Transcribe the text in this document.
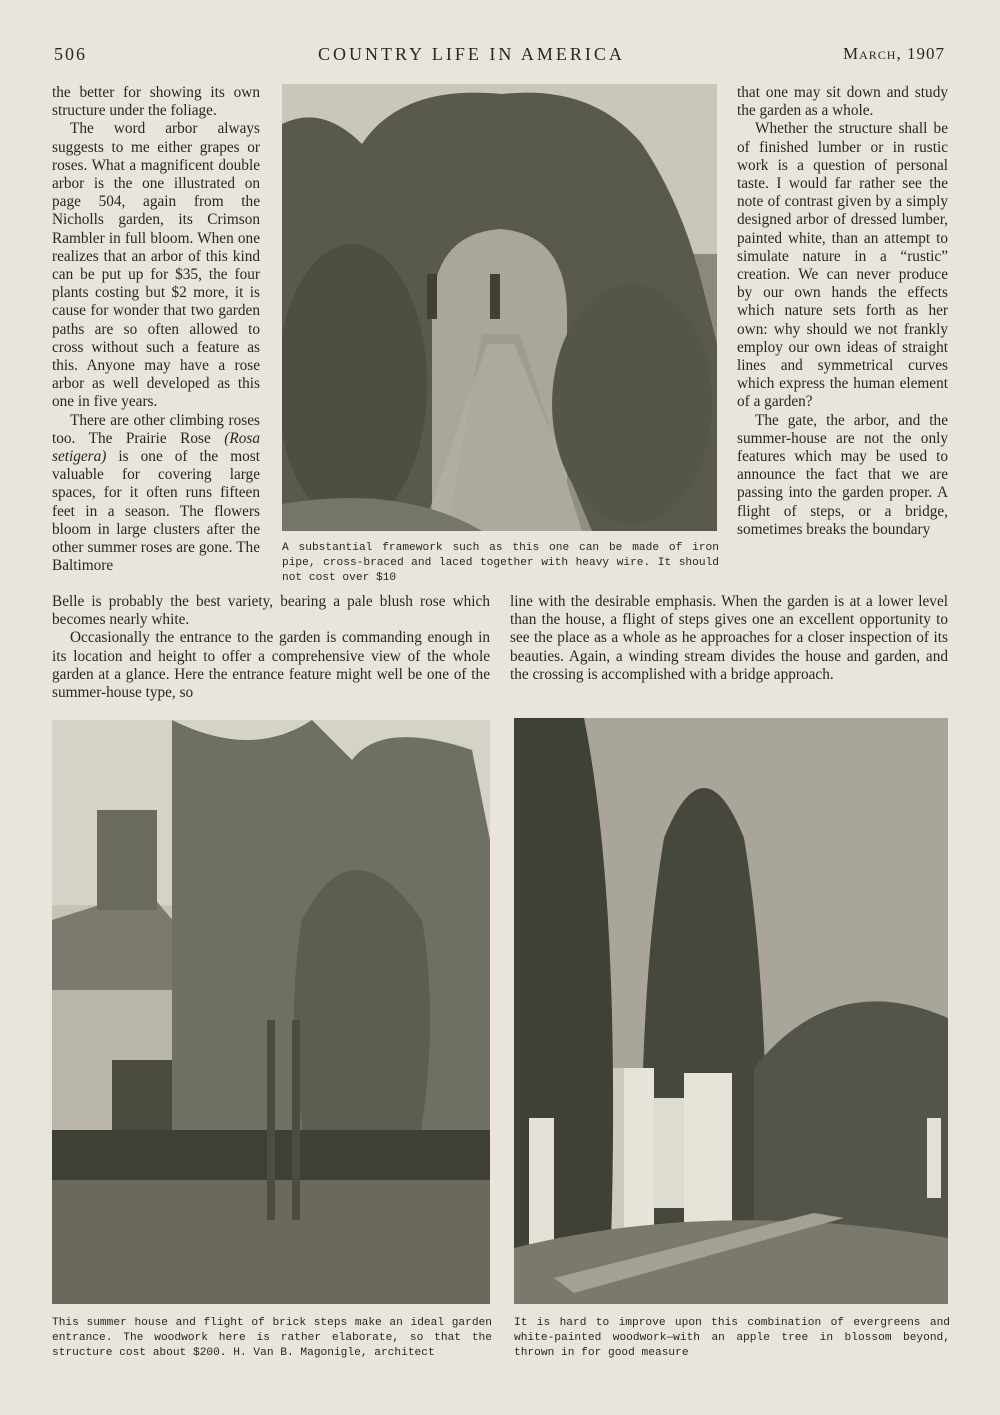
506	COUNTRY LIFE IN AMERICA	March, 1907

the better for showing its own structure under the foliage.

The word arbor always suggests to me either grapes or roses. What a magnificent double arbor is the one illustrated on page 504, again from the Nicholls garden, its Crimson Rambler in full bloom. When one realizes that an arbor of this kind can be put up for $35, the four plants costing but $2 more, it is cause for wonder that two garden paths are so often allowed to cross without such a feature as this. Anyone may have a rose arbor as well developed as this one in five years.

There are other climbing roses too. The Prairie Rose (Rosa setigera) is one of the most valuable for covering large spaces, for it often runs fifteen feet in a season. The flowers bloom in large clusters after the other summer roses are gone. The Baltimore

Belle is probably the best variety, bearing a pale blush rose which becomes nearly white.

Occasionally the entrance to the garden is commanding enough in its location and height to offer a comprehensive view of the whole garden at a glance. Here the entrance feature might well be one of the summer-house type, so

that one may sit down and study the garden as a whole.

Whether the structure shall be of finished lumber or in rustic work is a question of personal taste. I would far rather see the note of contrast given by a simply designed arbor of dressed lumber, painted white, than an attempt to simulate nature in a “rustic” creation. We can never produce by our own hands the effects which nature sets forth as her own: why should we not frankly employ our own ideas of straight lines and symmetrical curves which express the human element of a garden?

The gate, the arbor, and the summer-house are not the only features which may be used to announce the fact that we are passing into the garden proper. A flight of steps, or a bridge, sometimes breaks the boundary

line with the desirable emphasis. When the garden is at a lower level than the house, a flight of steps gives one an excellent opportunity to see the place as a whole as he approaches for a closer inspection of its beauties. Again, a winding stream divides the house and garden, and the crossing is accomplished with a bridge approach.

A substantial framework such as this one can be made of iron pipe, cross-braced and laced together with heavy wire. It should not cost over $10
This summer house and flight of brick steps make an ideal garden entrance. The woodwork here is rather elaborate, so that the structure cost about $200. H. Van B. Magonigle, architect
It is hard to improve upon this combination of evergreens and white-painted woodwork—with an apple tree in blossom beyond, thrown in for good measure
